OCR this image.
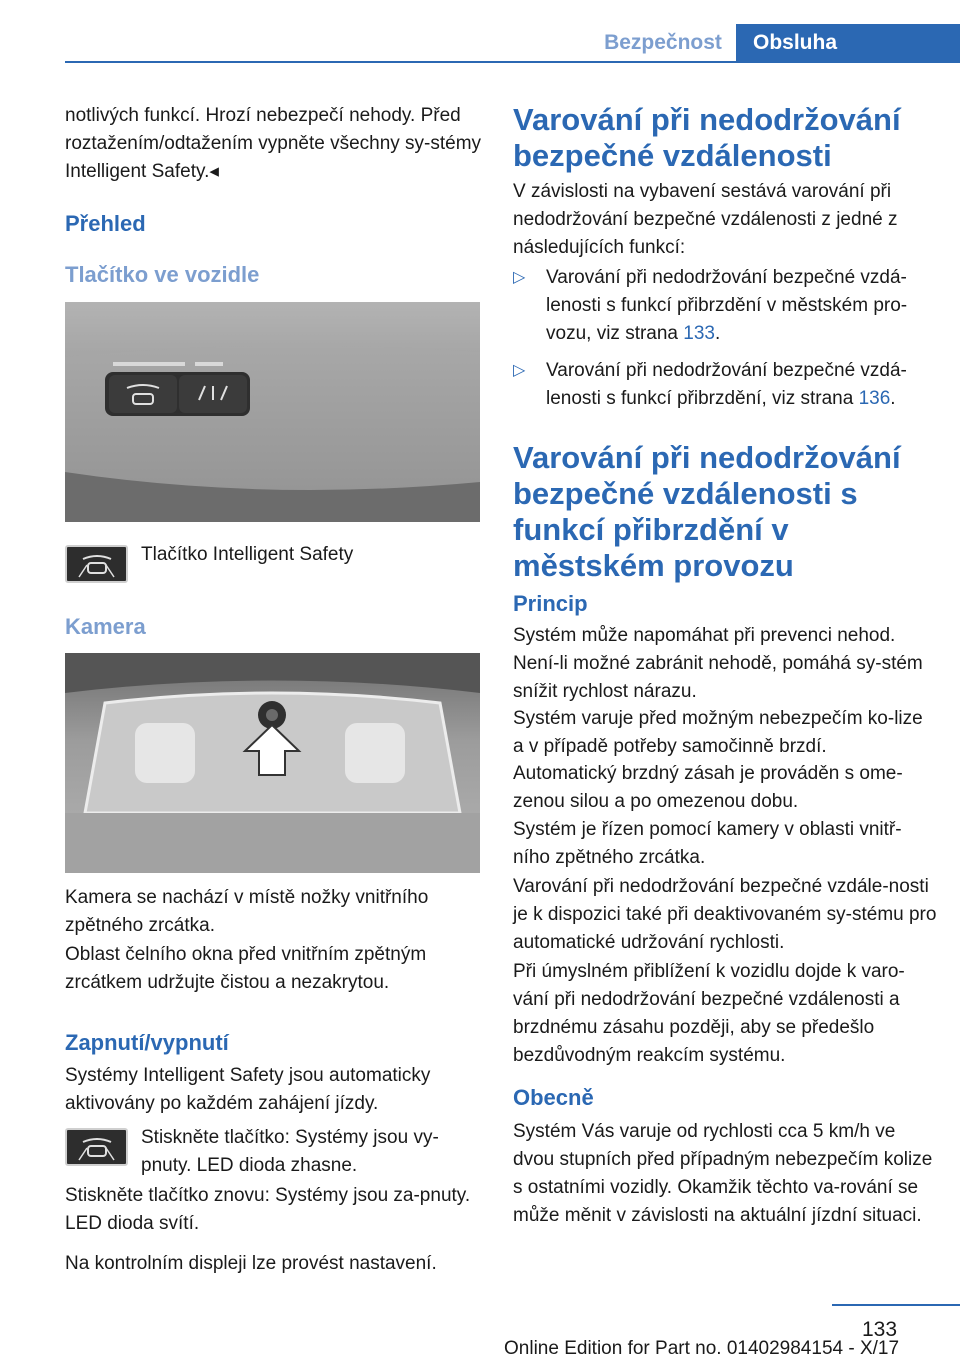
Bezpečnost	Obsluha
notlivých funkcí. Hrozí nebezpečí nehody. Před roztažením/odtažením vypněte všechny sy‐stémy Intelligent Safety.◂
Přehled
Tlačítko ve vozidle
Tlačítko Intelligent Safety
Kamera
Kamera se nachází v místě nožky vnitřního zpětného zrcátka.
Oblast čelního okna před vnitřním zpětným zrcátkem udržujte čistou a nezakrytou.
Zapnutí/vypnutí
Systémy Intelligent Safety jsou automaticky aktivovány po každém zahájení jízdy.
Stiskněte tlačítko: Systémy jsou vy‐pnuty. LED dioda zhasne.
Stiskněte tlačítko znovu: Systémy jsou za‐pnuty. LED dioda svítí.
Na kontrolním displeji lze provést nastavení.
Varování při nedodržování bezpečné vzdálenosti
V závislosti na vybavení sestává varování při nedodržování bezpečné vzdálenosti z jedné z následujících funkcí:
▷ Varování při nedodržování bezpečné vzdá‐lenosti s funkcí přibrzdění v městském pro‐vozu, viz strana 133.
▷ Varování při nedodržování bezpečné vzdá‐lenosti s funkcí přibrzdění, viz strana 136.
Varování při nedodržování bezpečné vzdálenosti s funkcí přibrzdění v městském provozu
Princip
Systém může napomáhat při prevenci nehod. Není-li možné zabránit nehodě, pomáhá sy‐stém snížit rychlost nárazu.
Systém varuje před možným nebezpečím ko‐lize a v případě potřeby samočinně brzdí.
Automatický brzdný zásah je prováděn s ome‐zenou silou a po omezenou dobu.
Systém je řízen pomocí kamery v oblasti vnitř‐ního zpětného zrcátka.
Varování při nedodržování bezpečné vzdále‐nosti je k dispozici také při deaktivovaném sy‐stému pro automatické udržování rychlosti.
Při úmyslném přiblížení k vozidlu dojde k varo‐vání při nedodržování bezpečné vzdálenosti a brzdnému zásahu později, aby se předešlo bezdůvodným reakcím systému.
Obecně
Systém Vás varuje od rychlosti cca 5 km/h ve dvou stupních před případným nebezpečím kolize s ostatními vozidly. Okamžik těchto va‐rování se může měnit v závislosti na aktuální jízdní situaci.
133
Online Edition for Part no. 01402984154 - X/17
